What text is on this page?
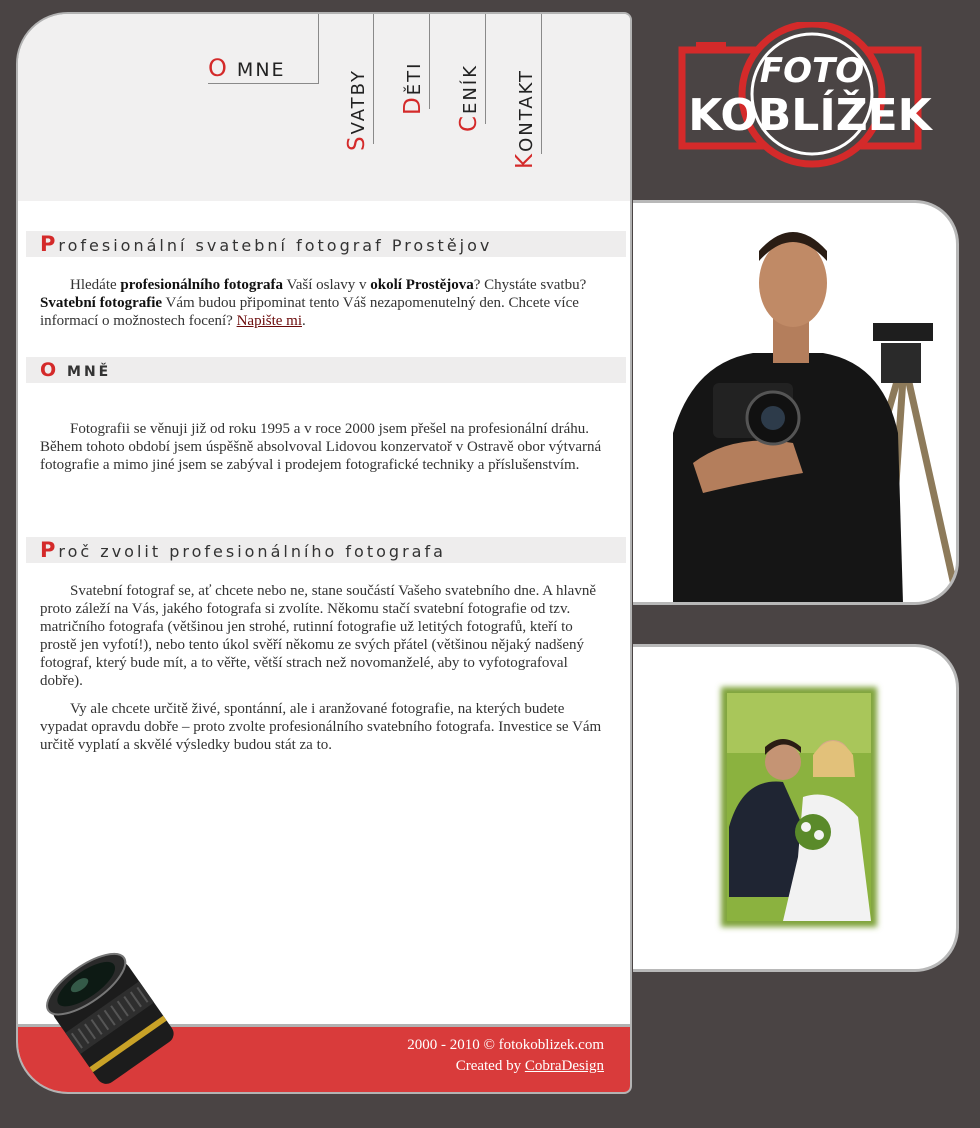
O MNE
SVATBY DĚTI
CENÍK
KONTAKT
Profesionální svatební fotograf Prostějov

Hledáte profesionálního fotografa Vaší oslavy v okolí Prostějova? Chystáte svatbu? Svatební fotografie Vám budou připominat tento Váš nezapomenutelný den. Chcete více informací o možnostech focení? Napište mi.

O MNĚ

Fotografii se věnuji již od roku 1995 a v roce 2000 jsem přešel na profesionální dráhu. Během tohoto období jsem úspěšně absolvoval Lidovou konzervatoř v Ostravě obor výtvarná fotografie a mimo jiné jsem se zabýval i prodejem fotografické techniky a příslušenstvím.

Proč zvolit profesionálního fotografa

Svatební fotograf se, ať chcete nebo ne, stane součástí Vašeho svatebního dne. A hlavně proto záleží na Vás, jakého fotografa si zvolíte. Někomu stačí svatební fotografie od tzv. matričního fotografa (většinou jen strohé, rutinní fotografie už letitých fotografů, kteří to prostě jen vyfotí!), nebo tento úkol svěří někomu ze svých přátel (většinou nějaký nadšený fotograf, který bude mít, a to věřte, větší strach než novomanželé, aby to vyfotografoval dobře).

Vy ale chcete určitě živé, spontánní, ale i aranžované fotografie, na kterých budete vypadat opravdu dobře – proto zvolte profesionálního svatebního fotografa. Investice se Vám určitě vyplatí a skvělé výsledky budou stát za to.

2000 - 2010 © fotokoblizek.com
Created by CobraDesign
FOTO
KOBLÍŽEK
